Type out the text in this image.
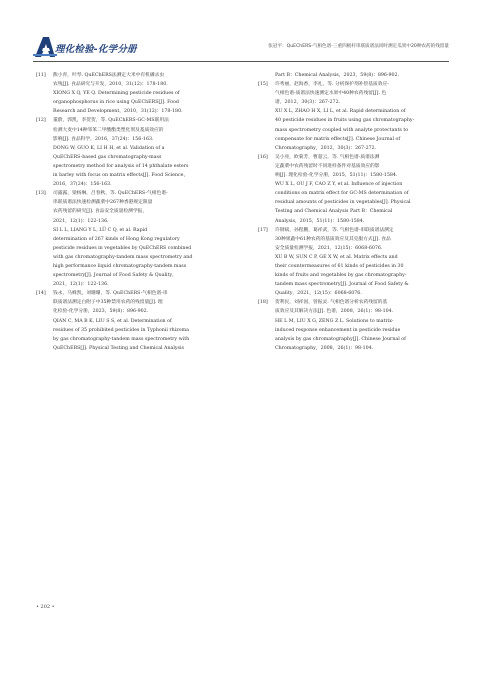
理化检验-化学分册	张冠平：QuEChERS-气相色谱-三重四极杆串联质谱法同时测定瓜果中20种农药的残留量
[11] 熊小青，叶琴. QuEChERS法测定大米中有机磷杀虫
农残[J]. 食品研究与开发，2010，31(12)：178-180.
XIONG X Q, YE Q. Determining pesticide residues of
organophosphorus in rice using QuEChERS[J]. Food
Research and Development，2010，31(12)：178-180.
[12] 董蔚，郭凯，李贺贺，等. QuEChERS-GC-MS联用法
检测大麦中14种邻苯二甲酸酯类塑化剂及基质效应的
影响[J]. 食品科学，2016，37(24)：156-163.
DONG W, GUO K, LI H H, et al. Validation of a
QuEChERS-based gas chromatography-mass
spectrometry method for analysis of 14 phthalate esters
in barley with focus on matrix effects[J]. Food Science，
2016，37(24)：156-163.
[13] 司露露，梁杨琳，吕春秋，等. QuEChERS-气相色谱-
串联质谱法快速检测蔬菜中267种香港规定限量
农药残留的研究[J]. 食品安全质量检测学报，
2021，12(1)：122-136.
SI L L, LIANG Y L, LÜ C Q, et al. Rapid
determination of 267 kinds of Hong Kong regulatory
pesticide residues in vegetables by QuEChERS combined
with gas chromatography-tandem mass spectrometry and
high performance liquid chromatography-tandem mass
spectrometry[J]. Journal of Food Safety & Quality，
2021，12(1)：122-136.
[14] 钱永，马蜂凯，刘珊珊，等. QuEChERS-气相色谱-串
联质谱法测定白附子中35种禁用农药的残留量[J]. 理
化检验-化学分册，2023，59(8)：896-902.
QIAN C, MA B K, LIU S S, et al. Determination of
residues of 35 prohibited pesticides in Typhonii rhizoma
by gas chromatography-tandem mass spectrometry with
QuEChERS[J]. Physical Testing and Chemical Analysis
Part B：Chemical Analysis，2023，59(8)：896-902.
[15] 许秀丽，赵海香，李礼，等. 分析保护剂补偿基质效应-
气相色谱-质谱法快速测定水果中40种农药残留[J]. 色
谱，2012，30(3)：267-272.
XU X L, ZHAO H X, LI L, et al. Rapid determination of
40 pesticide residues in fruits using gas chromatography-
mass spectrometry coupled with analyte protectants to
compensate for matrix effects[J]. Chinese Journal of
Chromatography，2012，30(3)：267-272.
[16] 吴小亮，欧菊芳，曹超云，等. 气相色谱-质谱法测
定蔬菜中农药残留时不同进样条件对基质效应的影
响[J]. 理化检验-化学分册，2015，51(11)：1580-1584.
WU X L, OU J F, CAO Z Y, et al. Influence of injection
conditions on matrix effect for GC-MS determination of
residual amounts of pesticides in vegetables[J]. Physical
Testing and Chemical Analysis Part B：Chemical
Analysis，2015，51(11)：1580-1584.
[17] 许钢斌，孙程鹏，葛祥武，等. 气相色谱-串联质谱法测定
30种果蔬中61种农药的基质效应及其克服方式[J]. 食品
安全质量检测学报，2021，12(15)：6068-6076.
XU B W, SUN C P, GE X W, et al. Matrix effects and
their countermeasures of 61 kinds of pesticides in 30
kinds of fruits and vegetables by gas chromatography-
tandem mass spectrometry[J]. Journal of Food Safety &
Quality，2021，12(15)：6068-6076.
[18] 贺利民，刘祥国，曾振灵. 气相色谱分析农药残留的基
质效应及其解决方法[J]. 色谱，2008，26(1)：98-104.
HE L M, LIU X G, ZENG Z L. Solutions to matrix-
induced response enhancement in pesticide residue
analysis by gas chromatography[J]. Chinese Journal of
Chromatography，2008，26(1)：98-104.
• 202 •
